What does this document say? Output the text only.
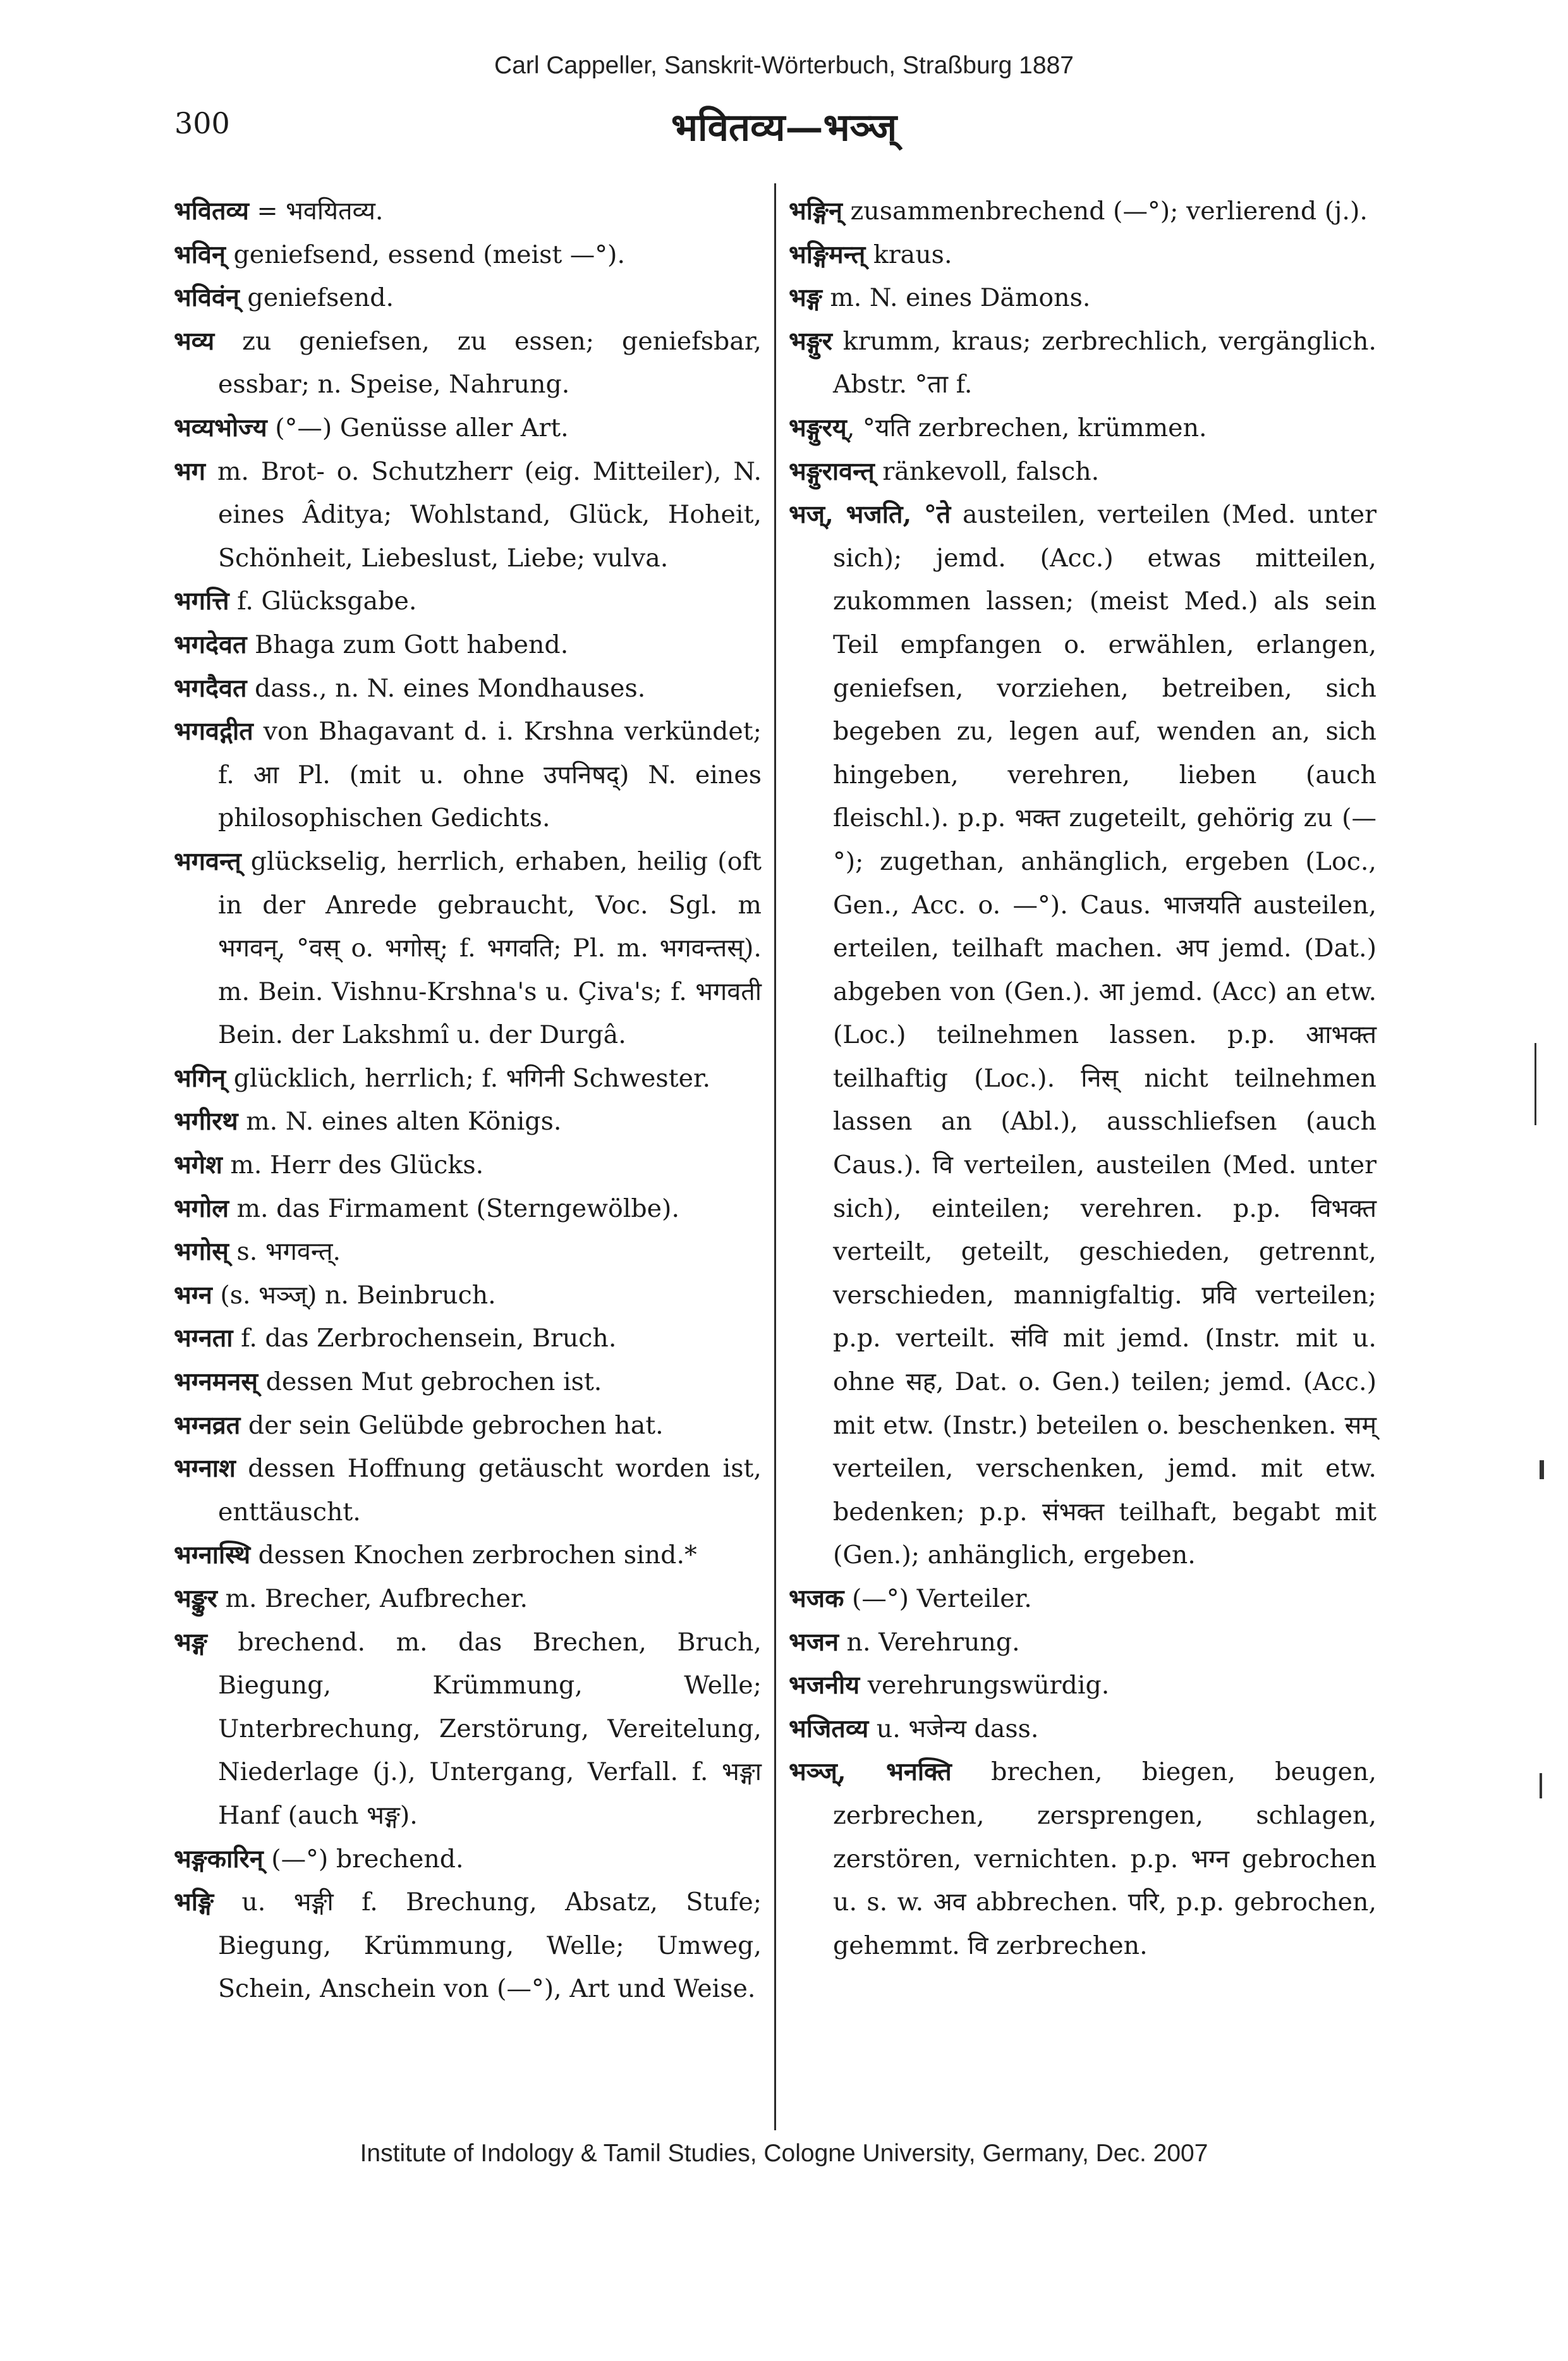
Carl Cappeller, Sanskrit-Wörterbuch, Straßburg 1887
300	भवितव्य—भञ्ज्
भवितव्य = भवयितव्य.
भविन् geniefsend, essend (meist —°).
भविवंन् geniefsend.
भव्य zu geniefsen, zu essen; geniefsbar, essbar; n. Speise, Nahrung.
भव्यभोज्य (°—) Genüsse aller Art.
भग m. Brot- o. Schutzherr (eig. Mitteiler), N. eines Âditya; Wohlstand, Glück, Hoheit, Schönheit, Liebeslust, Liebe; vulva.
भगत्ति f. Glücksgabe.
भगदेवत Bhaga zum Gott habend.
भगदैवत dass., n. N. eines Mondhauses.
भगवद्गीत von Bhagavant d. i. Krshna verkündet; f. आ Pl. (mit u. ohne उपनिषद्) N. eines philosophischen Gedichts.
भगवन्त् glückselig, herrlich, erhaben, heilig (oft in der Anrede gebraucht, Voc. Sgl. m भगवन्, °वस् o. भगोस्; f. भगवति; Pl. m. भगवन्तस्). m. Bein. Vishnu-Krshna's u. Çiva's; f. भगवती Bein. der Lakshmî u. der Durgâ.
भगिन् glücklich, herrlich; f. भगिनी Schwester.
भगीरथ m. N. eines alten Königs.
भगेश m. Herr des Glücks.
भगोल m. das Firmament (Sterngewölbe).
भगोस् s. भगवन्त्.
भग्न (s. भञ्ज्) n. Beinbruch.
भग्नता f. das Zerbrochensein, Bruch.
भग्नमनस् dessen Mut gebrochen ist.
भग्नव्रत der sein Gelübde gebrochen hat.
भग्नाश dessen Hoffnung getäuscht worden ist, enttäuscht.
भग्नास्थि dessen Knochen zerbrochen sind.*
भङ्कुर m. Brecher, Aufbrecher.
भङ्ग brechend. m. das Brechen, Bruch, Biegung, Krümmung, Welle; Unterbrechung, Zerstörung, Vereitelung, Niederlage (j.), Untergang, Verfall. f. भङ्गा Hanf (auch भङ्ग).
भङ्गकारिन् (—°) brechend.
भङ्गि u. भङ्गी f. Brechung, Absatz, Stufe; Biegung, Krümmung, Welle; Umweg, Schein, Anschein von (—°), Art und Weise.
भङ्गिन् zusammenbrechend (—°); verlierend (j.).
भङ्गिमन्त् kraus.
भङ्ग m. N. eines Dämons.
भङ्गुर krumm, kraus; zerbrechlich, vergänglich. Abstr. °ता f.
भङ्गुरय्, °यति zerbrechen, krümmen.
भङ्गुरावन्त् ränkevoll, falsch.
भज्, भजति, °ते austeilen, verteilen (Med. unter sich); jemd. (Acc.) etwas mitteilen, zukommen lassen; (meist Med.) als sein Teil empfangen o. erwählen, erlangen, geniefsen, vorziehen, betreiben, sich begeben zu, legen auf, wenden an, sich hingeben, verehren, lieben (auch fleischl.). p.p. भक्त zugeteilt, gehörig zu (—°); zugethan, anhänglich, ergeben (Loc., Gen., Acc. o. —°). Caus. भाजयति austeilen, erteilen, teilhaft machen. अप jemd. (Dat.) abgeben von (Gen.). आ jemd. (Acc) an etw. (Loc.) teilnehmen lassen. p.p. आभक्त teilhaftig (Loc.). निस् nicht teilnehmen lassen an (Abl.), ausschliefsen (auch Caus.). वि verteilen, austeilen (Med. unter sich), einteilen; verehren. p.p. विभक्त verteilt, geteilt, geschieden, getrennt, verschieden, mannigfaltig. प्रवि verteilen; p.p. verteilt. संवि mit jemd. (Instr. mit u. ohne सह, Dat. o. Gen.) teilen; jemd. (Acc.) mit etw. (Instr.) beteilen o. beschenken. सम् verteilen, verschenken, jemd. mit etw. bedenken; p.p. संभक्त teilhaft, begabt mit (Gen.); anhänglich, ergeben.
भजक (—°) Verteiler.
भजन n. Verehrung.
भजनीय verehrungswürdig.
भजितव्य u. भजेन्य dass.
भञ्ज्, भनक्ति brechen, biegen, beugen, zerbrechen, zersprengen, schlagen, zerstören, vernichten. p.p. भग्न gebrochen u. s. w. अव abbrechen. परि, p.p. gebrochen, gehemmt. वि zerbrechen.
Institute of Indology & Tamil Studies, Cologne University, Germany, Dec. 2007
